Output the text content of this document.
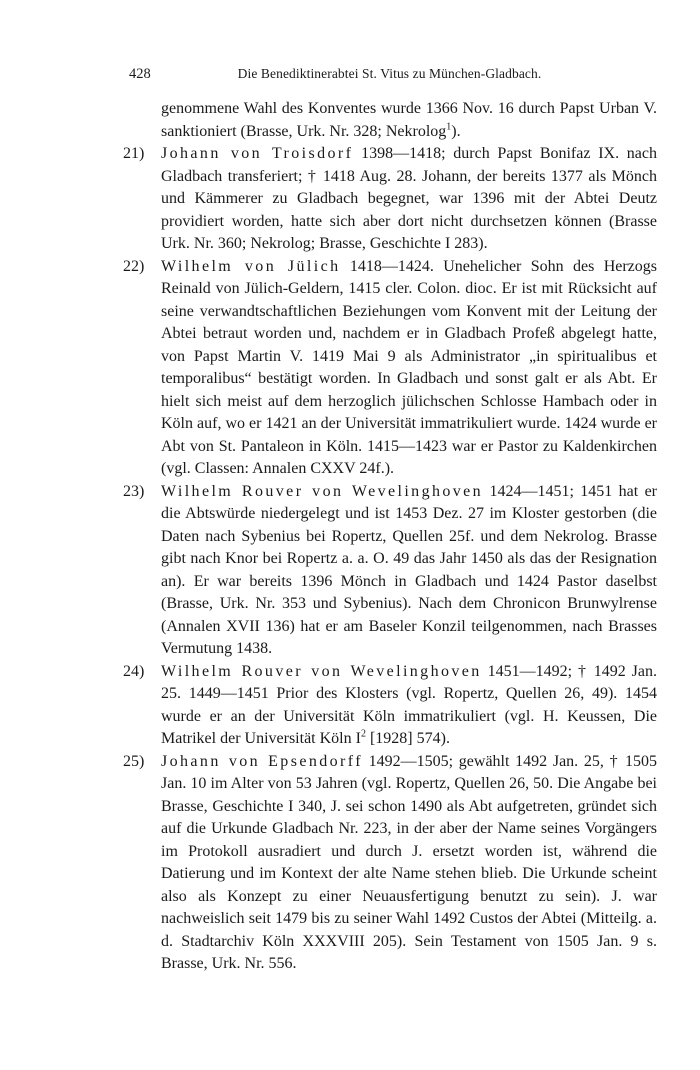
428	Die Benediktinerabtei St. Vitus zu München-Gladbach.

genommene Wahl des Konventes wurde 1366 Nov. 16 durch Papst Urban V. sanktioniert (Brasse, Urk. Nr. 328; Nekrolog$^1$).

21) Johann von Troisdorf 1398—1418; durch Papst Bonifaz IX. nach Gladbach transferiert; † 1418 Aug. 28. Johann, der bereits 1377 als Mönch und Kämmerer zu Gladbach begegnet, war 1396 mit der Abtei Deutz providiert worden, hatte sich aber dort nicht durchsetzen können (Brasse Urk. Nr. 360; Nekrolog; Brasse, Geschichte I 283).

22) Wilhelm von Jülich 1418—1424. Unehelicher Sohn des Herzogs Reinald von Jülich-Geldern, 1415 cler. Colon. dioc. Er ist mit Rücksicht auf seine verwandtschaftlichen Beziehungen vom Konvent mit der Leitung der Abtei betraut worden und, nachdem er in Gladbach Profeß abgelegt hatte, von Papst Martin V. 1419 Mai 9 als Administrator „in spiritualibus et temporalibus“ bestätigt worden. In Gladbach und sonst galt er als Abt. Er hielt sich meist auf dem herzoglich jülichschen Schlosse Hambach oder in Köln auf, wo er 1421 an der Universität immatrikuliert wurde. 1424 wurde er Abt von St. Pantaleon in Köln. 1415—1423 war er Pastor zu Kaldenkirchen (vgl. Classen: Annalen CXXV 24f.).

23) Wilhelm Rouver von Wevelinghoven 1424—1451; 1451 hat er die Abtswürde niedergelegt und ist 1453 Dez. 27 im Kloster gestorben (die Daten nach Sybenius bei Ropertz, Quellen 25f. und dem Nekrolog. Brasse gibt nach Knor bei Ropertz a. a. O. 49 das Jahr 1450 als das der Resignation an). Er war bereits 1396 Mönch in Gladbach und 1424 Pastor daselbst (Brasse, Urk. Nr. 353 und Sybenius). Nach dem Chronicon Brunwylrense (Annalen XVII 136) hat er am Baseler Konzil teilgenommen, nach Brasses Vermutung 1438.

24) Wilhelm Rouver von Wevelinghoven 1451—1492; † 1492 Jan. 25. 1449—1451 Prior des Klosters (vgl. Ropertz, Quellen 26, 49). 1454 wurde er an der Universität Köln immatrikuliert (vgl. H. Keussen, Die Matrikel der Universität Köln $I^2$ [1928] 574).

25) Johann von Epsendorff 1492—1505; gewählt 1492 Jan. 25, † 1505 Jan. 10 im Alter von 53 Jahren (vgl. Ropertz, Quellen 26, 50. Die Angabe bei Brasse, Geschichte I 340, J. sei schon 1490 als Abt aufgetreten, gründet sich auf die Urkunde Gladbach Nr. 223, in der aber der Name seines Vorgängers im Protokoll ausradiert und durch J. ersetzt worden ist, während die Datierung und im Kontext der alte Name stehen blieb. Die Urkunde scheint also als Konzept zu einer Neuausfertigung benutzt zu sein). J. war nachweislich seit 1479 bis zu seiner Wahl 1492 Custos der Abtei (Mitteilg. a. d. Stadtarchiv Köln XXXVIII 205). Sein Testament von 1505 Jan. 9 s. Brasse, Urk. Nr. 556.
